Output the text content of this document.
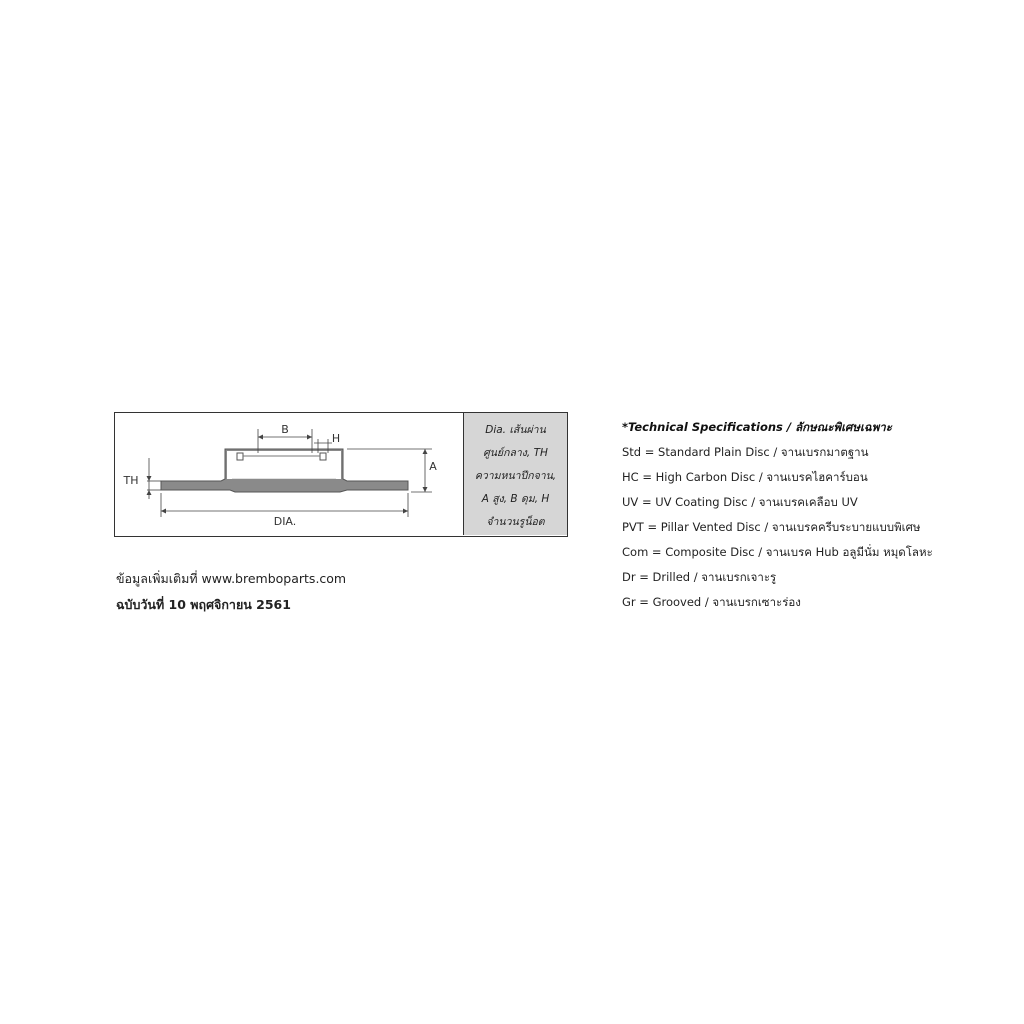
B
H
A
TH
DIA.
Dia. เส้นผ่าน
ศูนย์กลาง, TH
ความหนาปีกจาน,
A สูง, B ดุม, H
จำนวนรูน็อต
ข้อมูลเพิ่มเติมที่ www.bremboparts.com
ฉบับวันที่ 10 พฤศจิกายน 2561
*Technical Specifications / ลักษณะพิเศษเฉพาะ
Std = Standard Plain Disc / จานเบรกมาตฐาน
HC = High Carbon Disc / จานเบรคไฮคาร์บอน
UV = UV Coating Disc / จานเบรคเคลือบ UV
PVT = Pillar Vented Disc / จานเบรคครีบระบายแบบพิเศษ
Com = Composite Disc / จานเบรค Hub อลูมีนั่ม หมุดโลหะ
Dr = Drilled / จานเบรกเจาะรู
Gr = Grooved / จานเบรกเซาะร่อง
